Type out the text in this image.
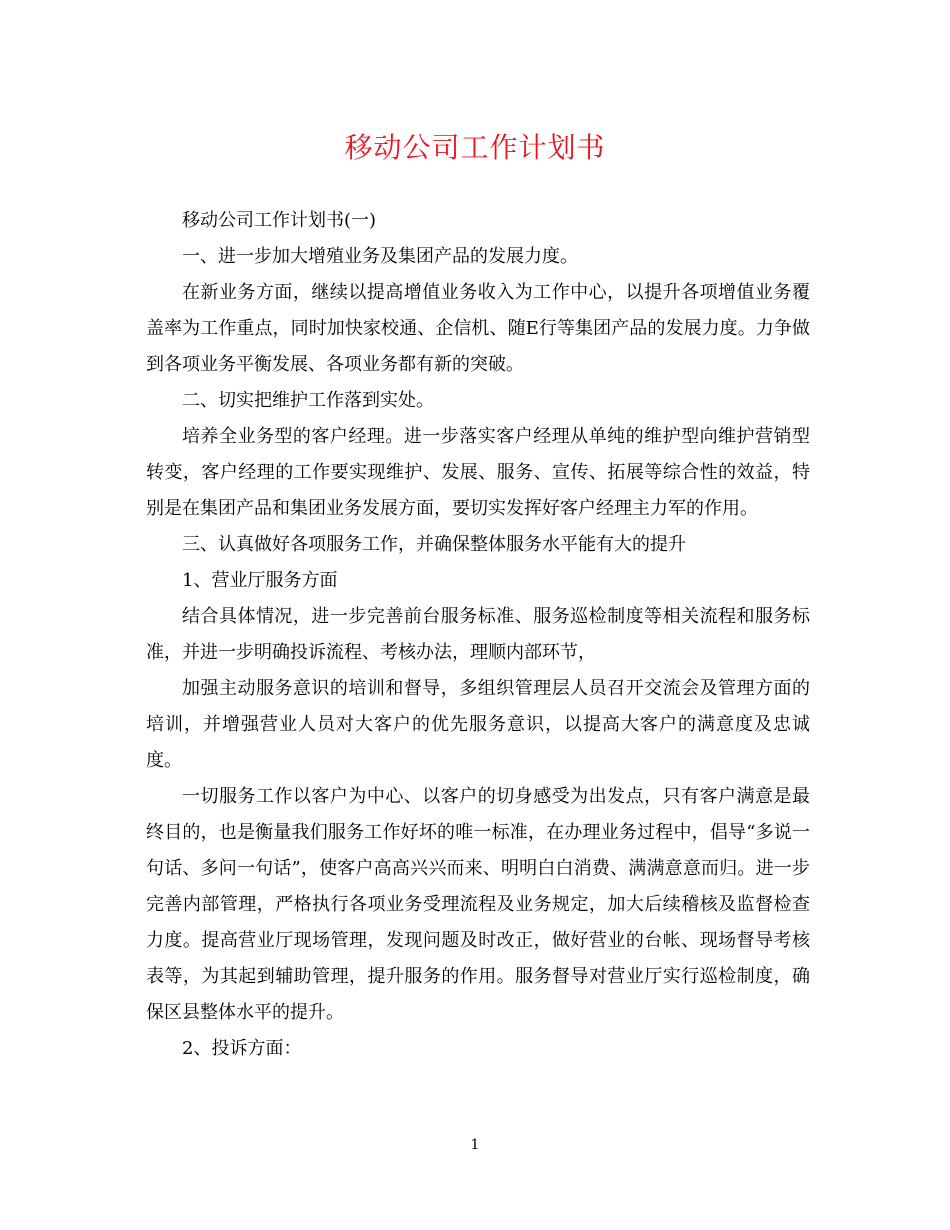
移动公司工作计划书

移动公司工作计划书(一)

一、进一步加大增殖业务及集团产品的发展力度。

在新业务方面，继续以提高增值业务收入为工作中心，以提升各项增值业务覆盖率为工作重点，同时加快家校通、企信机、随E行等集团产品的发展力度。力争做到各项业务平衡发展、各项业务都有新的突破。

二、切实把维护工作落到实处。

培养全业务型的客户经理。进一步落实客户经理从单纯的维护型向维护营销型转变，客户经理的工作要实现维护、发展、服务、宣传、拓展等综合性的效益，特别是在集团产品和集团业务发展方面，要切实发挥好客户经理主力军的作用。

三、认真做好各项服务工作，并确保整体服务水平能有大的提升

1、营业厅服务方面

结合具体情况，进一步完善前台服务标准、服务巡检制度等相关流程和服务标准，并进一步明确投诉流程、考核办法，理顺内部环节，

加强主动服务意识的培训和督导，多组织管理层人员召开交流会及管理方面的培训，并增强营业人员对大客户的优先服务意识，以提高大客户的满意度及忠诚度。

一切服务工作以客户为中心、以客户的切身感受为出发点，只有客户满意是最终目的，也是衡量我们服务工作好坏的唯一标准，在办理业务过程中，倡导“多说一句话、多问一句话”，使客户高高兴兴而来、明明白白消费、满满意意而归。进一步完善内部管理，严格执行各项业务受理流程及业务规定，加大后续稽核及监督检查力度。提高营业厅现场管理，发现问题及时改正，做好营业的台帐、现场督导考核表等，为其起到辅助管理，提升服务的作用。服务督导对营业厅实行巡检制度，确保区县整体水平的提升。

2、投诉方面：

1
